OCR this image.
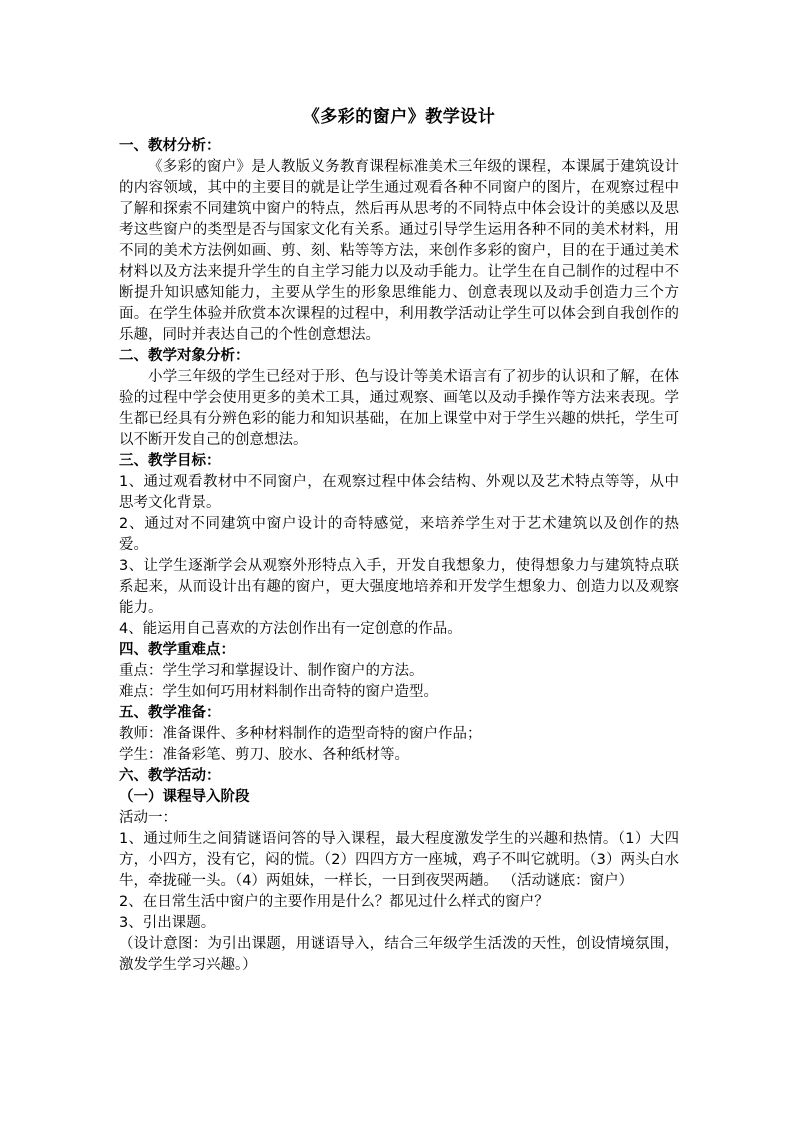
《多彩的窗户》教学设计

一、教材分析：

《多彩的窗户》是人教版义务教育课程标准美术三年级的课程，本课属于建筑设计的内容领域，其中的主要目的就是让学生通过观看各种不同窗户的图片，在观察过程中了解和探索不同建筑中窗户的特点，然后再从思考的不同特点中体会设计的美感以及思考这些窗户的类型是否与国家文化有关系。通过引导学生运用各种不同的美术材料，用不同的美术方法例如画、剪、刻、粘等等方法，来创作多彩的窗户，目的在于通过美术材料以及方法来提升学生的自主学习能力以及动手能力。让学生在自己制作的过程中不断提升知识感知能力，主要从学生的形象思维能力、创意表现以及动手创造力三个方面。在学生体验并欣赏本次课程的过程中，利用教学活动让学生可以体会到自我创作的乐趣，同时并表达自己的个性创意想法。

二、教学对象分析：

小学三年级的学生已经对于形、色与设计等美术语言有了初步的认识和了解，在体验的过程中学会使用更多的美术工具，通过观察、画笔以及动手操作等方法来表现。学生都已经具有分辨色彩的能力和知识基础，在加上课堂中对于学生兴趣的烘托，学生可以不断开发自己的创意想法。

三、教学目标：

1、通过观看教材中不同窗户，在观察过程中体会结构、外观以及艺术特点等等，从中思考文化背景。

2、通过对不同建筑中窗户设计的奇特感觉，来培养学生对于艺术建筑以及创作的热爱。

3、让学生逐渐学会从观察外形特点入手，开发自我想象力，使得想象力与建筑特点联系起来，从而设计出有趣的窗户，更大强度地培养和开发学生想象力、创造力以及观察能力。

4、能运用自己喜欢的方法创作出有一定创意的作品。

四、教学重难点：

重点：学生学习和掌握设计、制作窗户的方法。

难点：学生如何巧用材料制作出奇特的窗户造型。

五、教学准备：

教师：准备课件、多种材料制作的造型奇特的窗户作品；

学生：准备彩笔、剪刀、胶水、各种纸材等。

六、教学活动：

（一）课程导入阶段

活动一：

1、通过师生之间猜谜语问答的导入课程，最大程度激发学生的兴趣和热情。（1）大四方，小四方，没有它，闷的慌。（2）四四方方一座城，鸡子不叫它就明。（3）两头白水牛，牵拢碰一头。（4）两姐妹，一样长，一日到夜哭两趟。 （活动谜底：窗户）

2、在日常生活中窗户的主要作用是什么？都见过什么样式的窗户？

3、引出课题。

（设计意图：为引出课题，用谜语导入，结合三年级学生活泼的天性，创设情境氛围，激发学生学习兴趣。）
